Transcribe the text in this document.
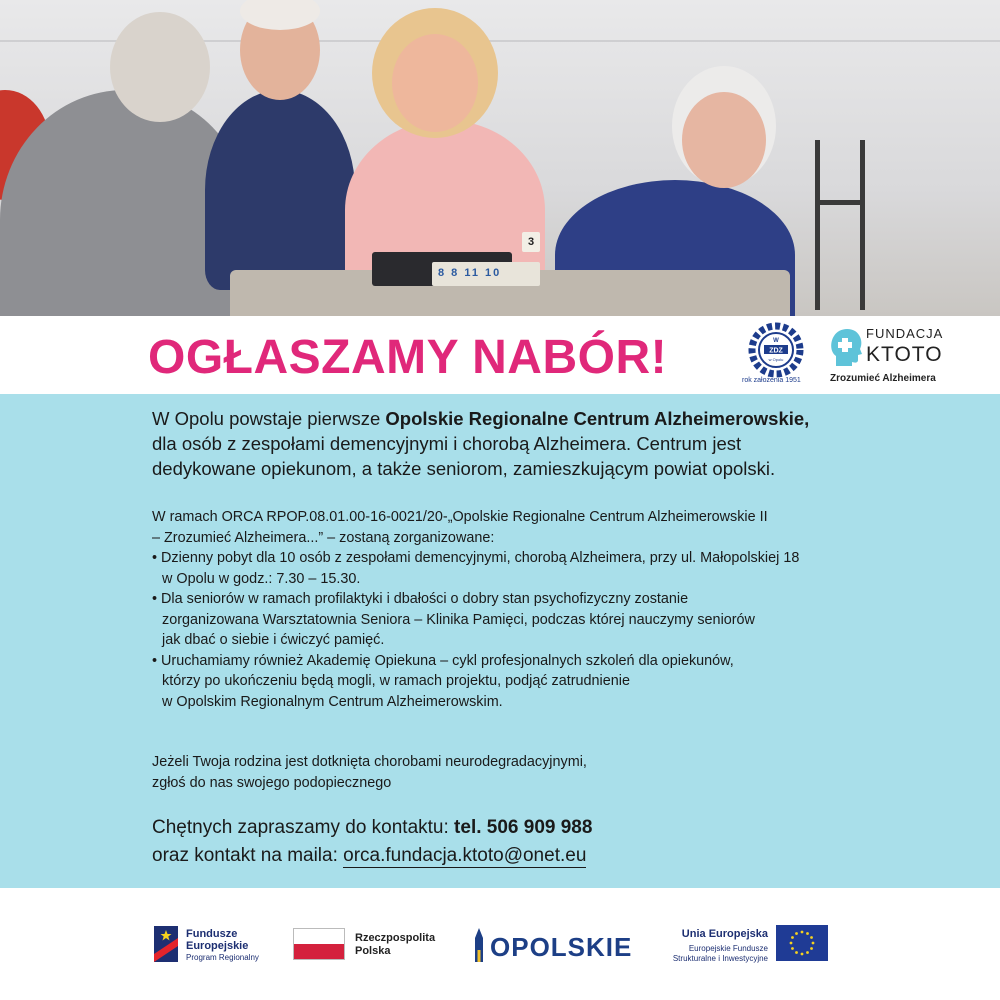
8 8 11 10
3
OGŁASZAMY NABÓR!	W
ZDZ
w Opolu
rok założenia 1951
FUNDACJA
KTOTO
Zrozumieć Alzheimera
W Opolu powstaje pierwsze Opolskie Regionalne Centrum Alzheimerowskie,
dla osób z zespołami demencyjnymi i chorobą Alzheimera. Centrum jest
dedykowane opiekunom, a także seniorom, zamieszkującym powiat opolski.
W ramach ORCA RPOP.08.01.00-16-0021/20-„Opolskie Regionalne Centrum Alzheimerowskie II
– Zrozumieć Alzheimera...” – zostaną zorganizowane:
• Dzienny pobyt dla 10 osób z zespołami demencyjnymi, chorobą Alzheimera, przy ul. Małopolskiej 18
w Opolu w godz.: 7.30 – 15.30.
• Dla seniorów w ramach profilaktyki i dbałości o dobry stan psychofizyczny zostanie
zorganizowana Warsztatownia Seniora – Klinika Pamięci, podczas której nauczymy seniorów
jak dbać o siebie i ćwiczyć pamięć.
• Uruchamiamy również Akademię Opiekuna – cykl profesjonalnych szkoleń dla opiekunów,
którzy po ukończeniu będą mogli, w ramach projektu, podjąć zatrudnienie
w Opolskim Regionalnym Centrum Alzheimerowskim.
Jeżeli Twoja rodzina jest dotknięta chorobami neurodegradacyjnymi,
zgłoś do nas swojego podopiecznego
Chętnych zapraszamy do kontaktu: tel. 506 909 988
oraz kontakt na maila: orca.fundacja.ktoto@onet.eu
Fundusze
Europejskie
Program Regionalny
Rzeczpospolita
Polska	OPOLSKIE	Unia Europejska
Europejskie Fundusze
Strukturalne i Inwestycyjne
